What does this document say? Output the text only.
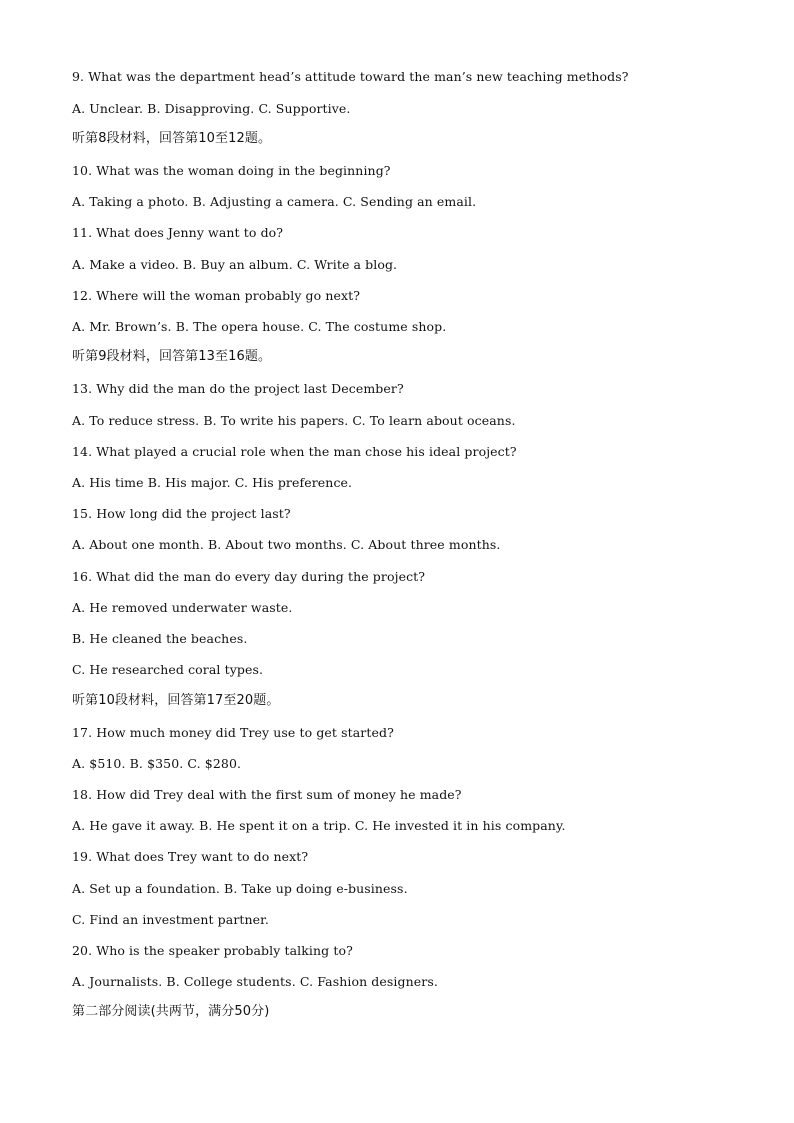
9. What was the department head’s attitude toward the man’s new teaching methods?
A. Unclear. B. Disapproving. C. Supportive.
听第8段材料，回答第10至12题。
10. What was the woman doing in the beginning?
A. Taking a photo. B. Adjusting a camera. C. Sending an email.
11. What does Jenny want to do?
A. Make a video. B. Buy an album. C. Write a blog.
12. Where will the woman probably go next?
A. Mr. Brown’s. B. The opera house. C. The costume shop.
听第9段材料，回答第13至16题。
13. Why did the man do the project last December?
A. To reduce stress. B. To write his papers. C. To learn about oceans.
14. What played a crucial role when the man chose his ideal project?
A. His time B. His major. C. His preference.
15. How long did the project last?
A. About one month. B. About two months. C. About three months.
16. What did the man do every day during the project?
A. He removed underwater waste.
B. He cleaned the beaches.
C. He researched coral types.
听第10段材料，回答第17至20题。
17. How much money did Trey use to get started?
A. $510. B. $350. C. $280.
18. How did Trey deal with the first sum of money he made?
A. He gave it away. B. He spent it on a trip. C. He invested it in his company.
19. What does Trey want to do next?
A. Set up a foundation. B. Take up doing e-business.
C. Find an investment partner.
20. Who is the speaker probably talking to?
A. Journalists. B. College students. C. Fashion designers.
第二部分阅读(共两节，满分50分)
